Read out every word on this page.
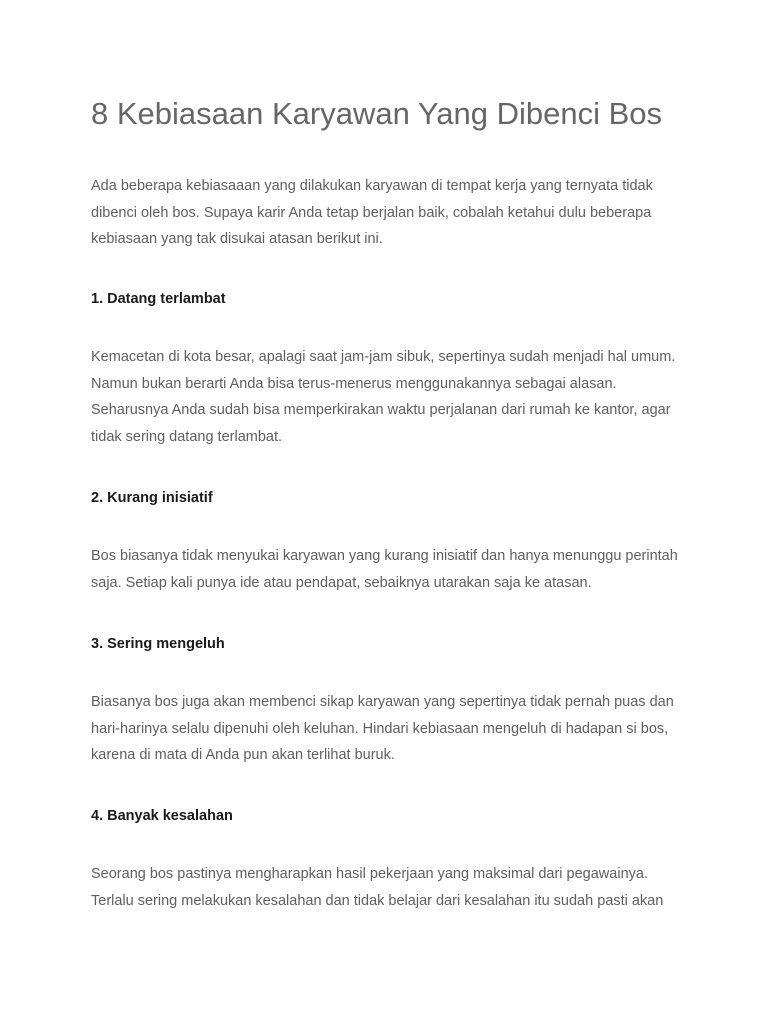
8 Kebiasaan Karyawan Yang Dibenci Bos

Ada beberapa kebiasaaan yang dilakukan karyawan di tempat kerja yang ternyata tidak
dibenci oleh bos. Supaya karir Anda tetap berjalan baik, cobalah ketahui dulu beberapa
kebiasaan yang tak disukai atasan berikut ini.

1. Datang terlambat

Kemacetan di kota besar, apalagi saat jam-jam sibuk, sepertinya sudah menjadi hal umum.
Namun bukan berarti Anda bisa terus-menerus menggunakannya sebagai alasan.
Seharusnya Anda sudah bisa memperkirakan waktu perjalanan dari rumah ke kantor, agar
tidak sering datang terlambat.

2. Kurang inisiatif

Bos biasanya tidak menyukai karyawan yang kurang inisiatif dan hanya menunggu perintah
saja. Setiap kali punya ide atau pendapat, sebaiknya utarakan saja ke atasan.

3. Sering mengeluh

Biasanya bos juga akan membenci sikap karyawan yang sepertinya tidak pernah puas dan
hari-harinya selalu dipenuhi oleh keluhan. Hindari kebiasaan mengeluh di hadapan si bos,
karena di mata di Anda pun akan terlihat buruk.

4. Banyak kesalahan

Seorang bos pastinya mengharapkan hasil pekerjaan yang maksimal dari pegawainya.
Terlalu sering melakukan kesalahan dan tidak belajar dari kesalahan itu sudah pasti akan
